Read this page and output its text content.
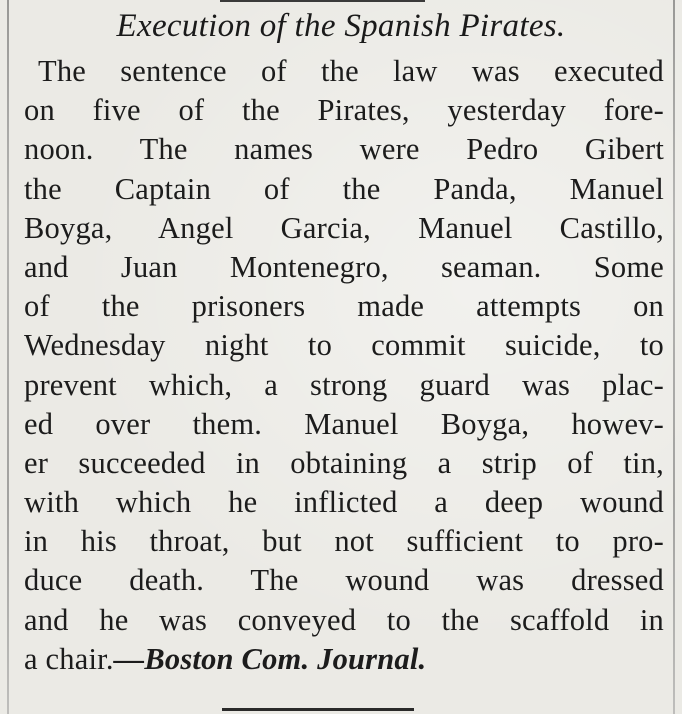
Execution of the Spanish Pirates.
The sentence of the law was executed
on five of the Pirates, yesterday fore-
noon. The names were Pedro Gibert
the Captain of the Panda, Manuel
Boyga, Angel Garcia, Manuel Castillo,
and Juan Montenegro, seaman. Some
of the prisoners made attempts on
Wednesday night to commit suicide, to
prevent which, a strong guard was plac-
ed over them. Manuel Boyga, howev-
er succeeded in obtaining a strip of tin,
with which he inflicted a deep wound
in his throat, but not sufficient to pro-
duce death. The wound was dressed
and he was conveyed to the scaffold in
a chair.—Boston Com. Journal.
